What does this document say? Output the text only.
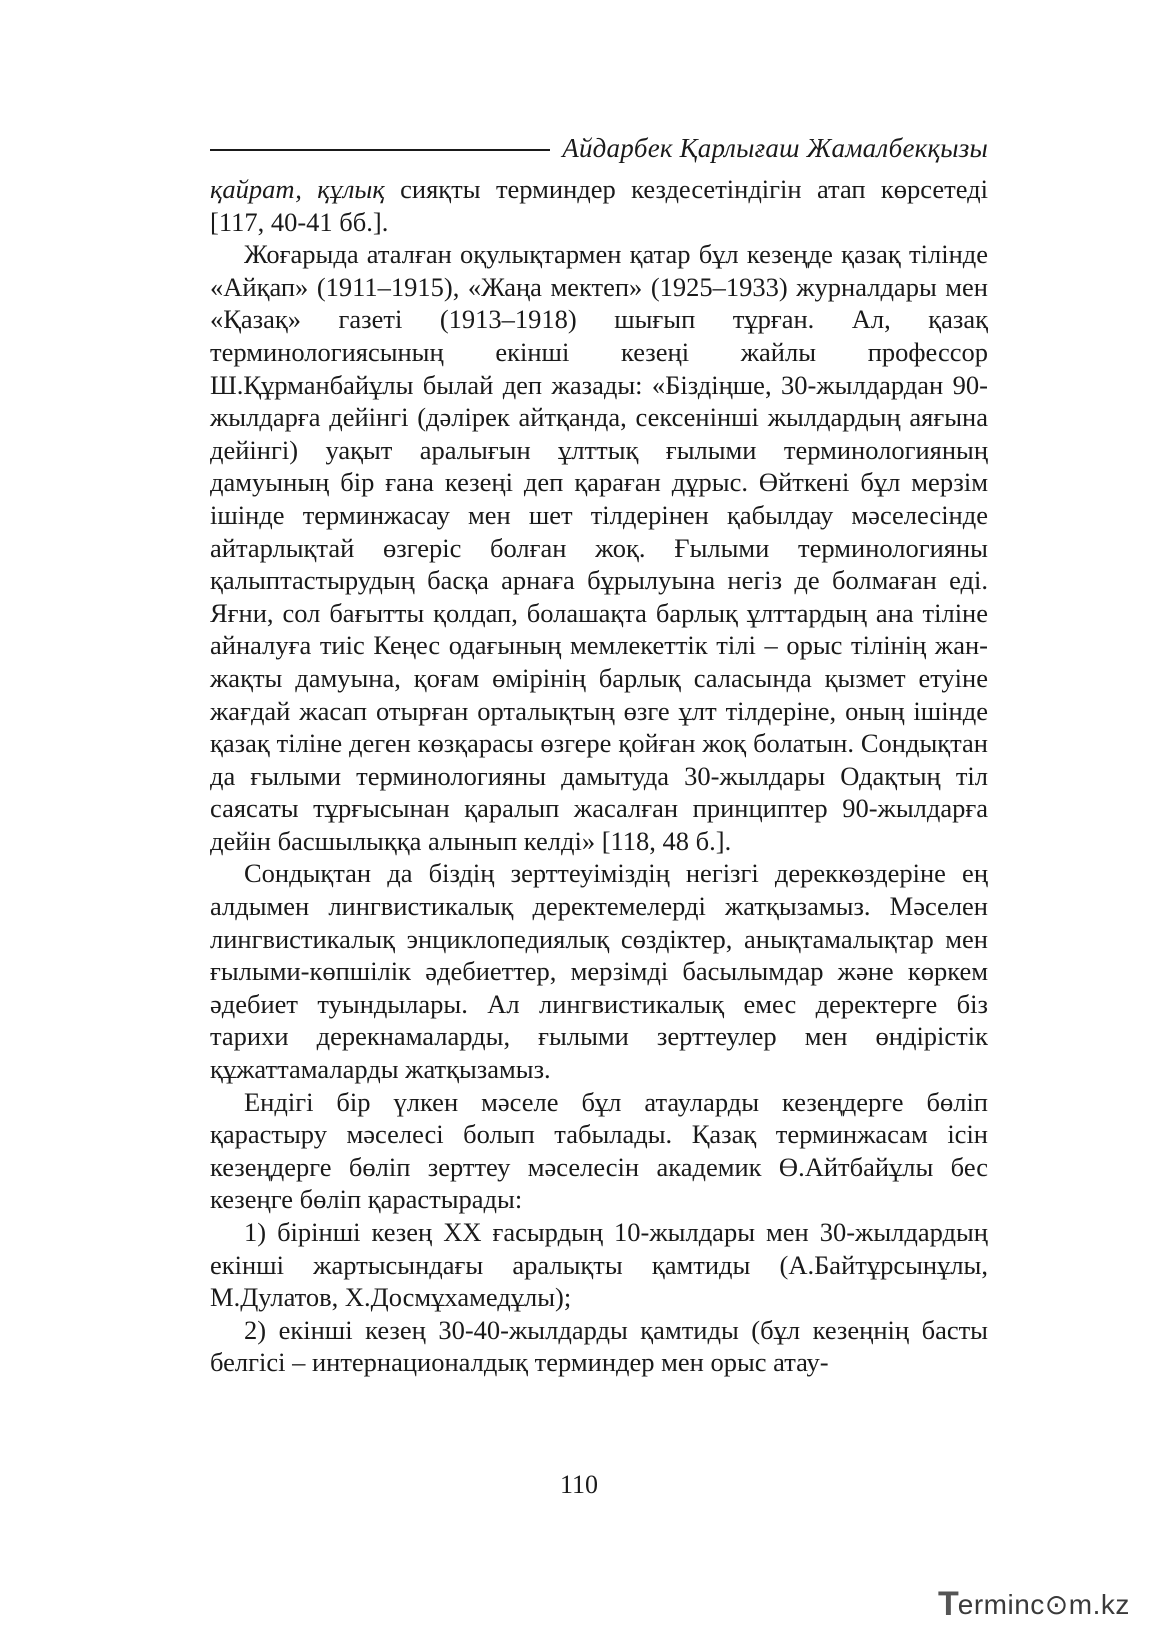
Айдарбек Қарлығаш Жамалбекқызы

қайрат, құлық сияқты терминдер кездесетіндігін атап көрсетеді [117, 40-41 бб.].

Жоғарыда аталған оқулықтармен қатар бұл кезеңде қазақ тілінде «Айқап» (1911–1915), «Жаңа мектеп» (1925–1933) журналдары мен «Қазақ» газеті (1913–1918) шығып тұрған. Ал, қазақ терминологиясының екінші кезеңі жайлы профессор Ш.Құрманбайұлы былай деп жазады: «Біздіңше, 30-жылдардан 90-жылдарға дейінгі (дәлірек айтқанда, сексенінші жылдардың аяғына дейінгі) уақыт аралығын ұлттық ғылыми терминологияның дамуының бір ғана кезеңі деп қараған дұрыс. Өйткені бұл мерзім ішінде терминжасау мен шет тілдерінен қабылдау мәселесінде айтарлықтай өзгеріс болған жоқ. Ғылыми терминологияны қалыптастырудың басқа арнаға бұрылуына негіз де болмаған еді. Яғни, сол бағытты қолдап, болашақта барлық ұлттардың ана тіліне айналуға тиіс Кеңес одағының мемлекеттік тілі – орыс тілінің жан-жақты дамуына, қоғам өмірінің барлық саласында қызмет етуіне жағдай жасап отырған орталықтың өзге ұлт тілдеріне, оның ішінде қазақ тіліне деген көзқарасы өзгере қойған жоқ болатын. Сондықтан да ғылыми терминологияны дамытуда 30-жылдары Одақтың тіл саясаты тұрғысынан қаралып жасалған принциптер 90-жылдарға дейін басшылыққа алынып келді» [118, 48 б.].

Сондықтан да біздің зерттеуіміздің негізгі дереккөздеріне ең алдымен лингвистикалық деректемелерді жатқызамыз. Мәселен лингвистикалық энциклопедиялық сөздіктер, анықтамалықтар мен ғылыми-көпшілік әдебиеттер, мерзімді басылымдар және көркем әдебиет туындылары. Ал лингвистикалық емес деректерге біз тарихи дерекнамаларды, ғылыми зерттеулер мен өндірістік құжаттамаларды жатқызамыз.

Ендігі бір үлкен мәселе бұл атауларды кезеңдерге бөліп қарастыру мәселесі болып табылады. Қазақ терминжасам ісін кезеңдерге бөліп зерттеу мәселесін академик Ө.Айтбайұлы бес кезеңге бөліп қарастырады:

1) бірінші кезең XX ғасырдың 10-жылдары мен 30-жылдардың екінші жартысындағы аралықты қамтиды (А.Байтұрсынұлы, М.Дулатов, Х.Досмұхамедұлы);

2) екінші кезең 30-40-жылдарды қамтиды (бұл кезеңнің басты белгісі – интернационалдық терминдер мен орыс атау-

110
T erminc⊙m.kz
